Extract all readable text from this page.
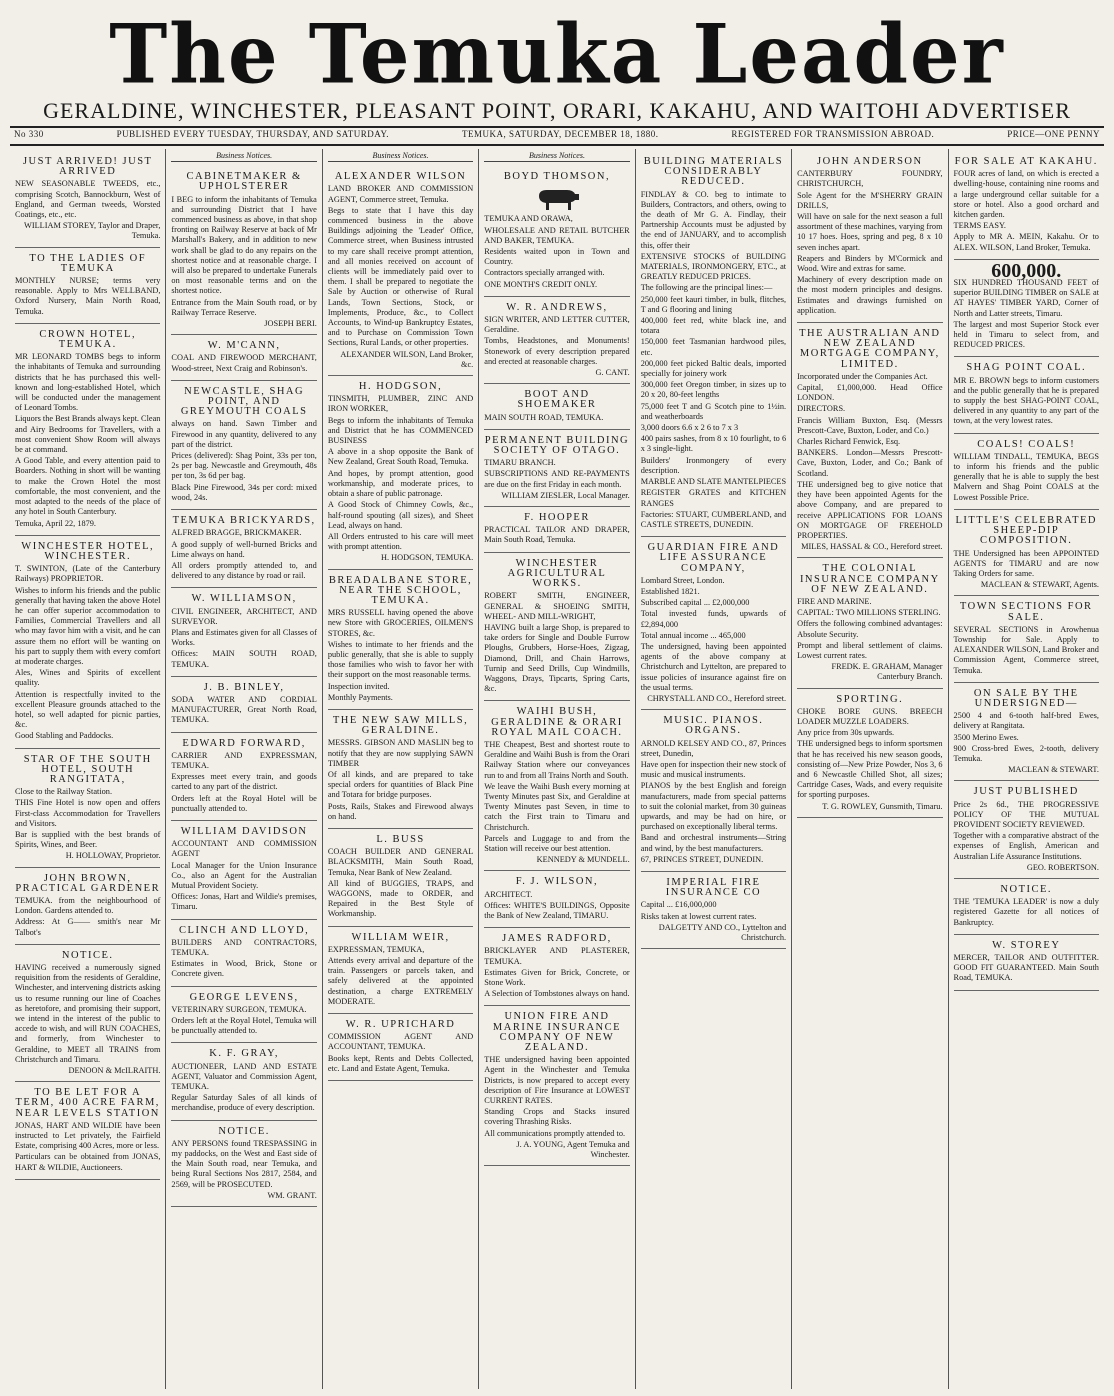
The Temuka Leader
GERALDINE, WINCHESTER, PLEASANT POINT, ORARI, KAKAHU, AND WAITOHI ADVERTISER
No 330	PUBLISHED EVERY TUESDAY, THURSDAY, AND SATURDAY.	TEMUKA, SATURDAY, DECEMBER 18, 1880.	REGISTERED FOR TRANSMISSION ABROAD.	PRICE—ONE PENNY
JUST ARRIVED! JUST ARRIVED

NEW SEASONABLE TWEEDS, etc., comprising Scotch, Bannockburn, West of England, and German tweeds, Worsted Coatings, etc., etc.

WILLIAM STOREY, Taylor and Draper, Temuka.
TO THE LADIES OF TEMUKA

MONTHLY NURSE; terms very reasonable. Apply to Mrs WELLBAND, Oxford Nursery, Main North Road, Temuka.

CROWN HOTEL, TEMUKA.

MR LEONARD TOMBS begs to inform the inhabitants of Temuka and surrounding districts that he has purchased this well-known and long-established Hotel, which will be conducted under the management of Leonard Tombs.

Liquors the Best Brands always kept. Clean and Airy Bedrooms for Travellers, with a most convenient Show Room will always be at command.

A Good Table, and every attention paid to Boarders. Nothing in short will be wanting to make the Crown Hotel the most comfortable, the most convenient, and the most adapted to the needs of the place of any hotel in South Canterbury.

Temuka, April 22, 1879.

WINCHESTER HOTEL, WINCHESTER.

T. SWINTON, (Late of the Canterbury Railways) PROPRIETOR.

Wishes to inform his friends and the public generally that having taken the above Hotel he can offer superior accommodation to Families, Commercial Travellers and all who may favor him with a visit, and he can assure them no effort will be wanting on his part to supply them with every comfort at moderate charges.

Ales, Wines and Spirits of excellent quality.

Attention is respectfully invited to the excellent Pleasure grounds attached to the hotel, so well adapted for picnic parties, &c.

Good Stabling and Paddocks.

STAR OF THE SOUTH HOTEL, SOUTH RANGITATA,

Close to the Railway Station.

THIS Fine Hotel is now open and offers First-class Accommodation for Travellers and Visitors.

Bar is supplied with the best brands of Spirits, Wines, and Beer.

H. HOLLOWAY, Proprietor.
JOHN BROWN, PRACTICAL GARDENER

TEMUKA. from the neighbourhood of London. Gardens attended to.

Address: At G—— smith's near Mr Talbot's

NOTICE.

HAVING received a numerously signed requisition from the residents of Geraldine, Winchester, and intervening districts asking us to resume running our line of Coaches as heretofore, and promising their support, we intend in the interest of the public to accede to wish, and will RUN COACHES, and formerly, from Winchester to Geraldine, to MEET all TRAINS from Christchurch and Timaru.

DENOON & McILRAITH.
TO BE LET FOR A TERM, 400 ACRE FARM, NEAR LEVELS STATION

JONAS, HART AND WILDIE have been instructed to Let privately, the Fairfield Estate, comprising 400 Acres, more or less.

Particulars can be obtained from JONAS, HART & WILDIE, Auctioneers.

Business Notices.
CABINETMAKER & UPHOLSTERER

I BEG to inform the inhabitants of Temuka and surrounding District that I have commenced business as above, in that shop fronting on Railway Reserve at back of Mr Marshall's Bakery, and in addition to new work shall be glad to do any repairs on the shortest notice and at reasonable charge. I will also be prepared to undertake Funerals on most reasonable terms and on the shortest notice.

Entrance from the Main South road, or by Railway Terrace Reserve.

JOSEPH BERI.
W. M'CANN,

COAL AND FIREWOOD MERCHANT, Wood-street, Next Craig and Robinson's.

NEWCASTLE, SHAG POINT, AND GREYMOUTH COALS

always on hand. Sawn Timber and Firewood in any quantity, delivered to any part of the district.

Prices (delivered): Shag Point, 33s per ton, 2s per bag. Newcastle and Greymouth, 48s per ton, 3s 6d per bag.

Black Pine Firewood, 34s per cord: mixed wood, 24s.

TEMUKA BRICKYARDS,

ALFRED BRAGGE, BRICKMAKER.

A good supply of well-burned Bricks and Lime always on hand.

All orders promptly attended to, and delivered to any distance by road or rail.

W. WILLIAMSON,

CIVIL ENGINEER, ARCHITECT, AND SURVEYOR.

Plans and Estimates given for all Classes of Works.

Offices: MAIN SOUTH ROAD, TEMUKA.

J. B. BINLEY,

SODA WATER AND CORDIAL MANUFACTURER, Great North Road, TEMUKA.

EDWARD FORWARD,

CARRIER AND EXPRESSMAN, TEMUKA.

Expresses meet every train, and goods carted to any part of the district.

Orders left at the Royal Hotel will be punctually attended to.

WILLIAM DAVIDSON

ACCOUNTANT AND COMMISSION AGENT

Local Manager for the Union Insurance Co., also an Agent for the Australian Mutual Provident Society.

Offices: Jonas, Hart and Wildie's premises, Timaru.

CLINCH AND LLOYD,

BUILDERS AND CONTRACTORS, TEMUKA.

Estimates in Wood, Brick, Stone or Concrete given.

GEORGE LEVENS,

VETERINARY SURGEON, TEMUKA.

Orders left at the Royal Hotel, Temuka will be punctually attended to.

K. F. GRAY,

AUCTIONEER, LAND AND ESTATE AGENT, Valuator and Commission Agent, TEMUKA.

Regular Saturday Sales of all kinds of merchandise, produce of every description.

NOTICE.

ANY PERSONS found TRESPASSING in my paddocks, on the West and East side of the Main South road, near Temuka, and being Rural Sections Nos 2817, 2584, and 2569, will be PROSECUTED.

WM. GRANT.
Business Notices.
ALEXANDER WILSON

LAND BROKER AND COMMISSION AGENT, Commerce street, Temuka.

Begs to state that I have this day commenced business in the above Buildings adjoining the 'Leader' Office, Commerce street, when Business intrusted to my care shall receive prompt attention, and all monies received on account of clients will be immediately paid over to them. I shall be prepared to negotiate the Sale by Auction or otherwise of Rural Lands, Town Sections, Stock, or Implements, Produce, &c., to Collect Accounts, to Wind-up Bankruptcy Estates, and to Purchase on Commission Town Sections, Rural Lands, or other properties.

ALEXANDER WILSON, Land Broker, &c.
H. HODGSON,

TINSMITH, PLUMBER, ZINC AND IRON WORKER,

Begs to inform the inhabitants of Temuka and District that he has COMMENCED BUSINESS

A above in a shop opposite the Bank of New Zealand, Great South Road, Temuka.

And hopes, by prompt attention, good workmanship, and moderate prices, to obtain a share of public patronage.

A Good Stock of Chimney Cowls, &c., half-round spouting (all sizes), and Sheet Lead, always on hand.

All Orders entrusted to his care will meet with prompt attention.

H. HODGSON, TEMUKA.
BREADALBANE STORE, NEAR THE SCHOOL, TEMUKA.

MRS RUSSELL having opened the above new Store with GROCERIES, OILMEN'S STORES, &c.

Wishes to intimate to her friends and the public generally, that she is able to supply those families who wish to favor her with their support on the most reasonable terms.

Inspection invited.

Monthly Payments.

THE NEW SAW MILLS, GERALDINE.

MESSRS. GIBSON AND MASLIN beg to notify that they are now supplying SAWN TIMBER

Of all kinds, and are prepared to take special orders for quantities of Black Pine and Totara for bridge purposes.

Posts, Rails, Stakes and Firewood always on hand.

L. BUSS

COACH BUILDER AND GENERAL BLACKSMITH, Main South Road, Temuka, Near Bank of New Zealand.

All kind of BUGGIES, TRAPS, and WAGGONS, made to ORDER, and Repaired in the Best Style of Workmanship.

WILLIAM WEIR,

EXPRESSMAN, TEMUKA,

Attends every arrival and departure of the train. Passengers or parcels taken, and safely delivered at the appointed destination, a charge EXTREMELY MODERATE.

W. R. UPRICHARD

COMMISSION AGENT AND ACCOUNTANT, TEMUKA.

Books kept, Rents and Debts Collected, etc. Land and Estate Agent, Temuka.

Business Notices.
BOYD THOMSON,

TEMUKA AND ORAWA,

WHOLESALE AND RETAIL BUTCHER AND BAKER, TEMUKA.

Residents waited upon in Town and Country.

Contractors specially arranged with.

ONE MONTH'S CREDIT ONLY.

W. R. ANDREWS,

SIGN WRITER, AND LETTER CUTTER, Geraldine.

Tombs, Headstones, and Monuments! Stonework of every description prepared and erected at reasonable charges.

G. CANT.
BOOT AND SHOEMAKER

MAIN SOUTH ROAD, TEMUKA.

PERMANENT BUILDING SOCIETY OF OTAGO.

TIMARU BRANCH.

SUBSCRIPTIONS AND RE-PAYMENTS are due on the first Friday in each month.

WILLIAM ZIESLER, Local Manager.
F. HOOPER

PRACTICAL TAILOR AND DRAPER, Main South Road, Temuka.

WINCHESTER AGRICULTURAL WORKS.

ROBERT SMITH, ENGINEER, GENERAL & SHOEING SMITH, WHEEL- AND MILL-WRIGHT,

HAVING built a large Shop, is prepared to take orders for Single and Double Furrow Ploughs, Grubbers, Horse-Hoes, Zigzag, Diamond, Drill, and Chain Harrows, Turnip and Seed Drills, Cup Windmills, Waggons, Drays, Tipcarts, Spring Carts, &c.

WAIHI BUSH, GERALDINE & ORARI ROYAL MAIL COACH.

THE Cheapest, Best and shortest route to Geraldine and Waihi Bush is from the Orari Railway Station where our conveyances run to and from all Trains North and South.

We leave the Waihi Bush every morning at Twenty Minutes past Six, and Geraldine at Twenty Minutes past Seven, in time to catch the First train to Timaru and Christchurch.

Parcels and Luggage to and from the Station will receive our best attention.

KENNEDY & MUNDELL.
F. J. WILSON,

ARCHITECT.

Offices: WHITE'S BUILDINGS, Opposite the Bank of New Zealand, TIMARU.

JAMES RADFORD,

BRICKLAYER AND PLASTERER, TEMUKA.

Estimates Given for Brick, Concrete, or Stone Work.

A Selection of Tombstones always on hand.

UNION FIRE AND MARINE INSURANCE COMPANY OF NEW ZEALAND.

THE undersigned having been appointed Agent in the Winchester and Temuka Districts, is now prepared to accept every description of Fire Insurance at LOWEST CURRENT RATES.

Standing Crops and Stacks insured covering Thrashing Risks.

All communications promptly attended to.

J. A. YOUNG, Agent Temuka and Winchester.
BUILDING MATERIALS CONSIDERABLY REDUCED.

FINDLAY & CO. beg to intimate to Builders, Contractors, and others, owing to the death of Mr G. A. Findlay, their Partnership Accounts must be adjusted by the end of JANUARY, and to accomplish this, offer their

EXTENSIVE STOCKS of BUILDING MATERIALS, IRONMONGERY, ETC., at GREATLY REDUCED PRICES.

The following are the principal lines:—

250,000 feet kauri timber, in bulk, flitches, T and G flooring and lining

400,000 feet red, white black ine, and totara

150,000 feet Tasmanian hardwood piles, etc.

200,000 feet picked Baltic deals, imported specially for joinery work

300,000 feet Oregon timber, in sizes up to 20 x 20, 80-feet lengths

75,000 feet T and G Scotch pine to 1½in. and weatherboards

3,000 doors 6.6 x 2 6 to 7 x 3

400 pairs sashes, from 8 x 10 fourlight, to 6 x 3 single-light.

Builders' Ironmongery of every description.

MARBLE AND SLATE MANTELPIECES

REGISTER GRATES and KITCHEN RANGES

Factories: STUART, CUMBERLAND, and CASTLE STREETS, DUNEDIN.

GUARDIAN FIRE AND LIFE ASSURANCE COMPANY,

Lombard Street, London.

Established 1821.

Subscribed capital ... £2,000,000

Total invested funds, upwards of £2,894,000

Total annual income ... 465,000

The undersigned, having been appointed agents of the above company at Christchurch and Lyttelton, are prepared to issue policies of insurance against fire on the usual terms.

CHRYSTALL AND CO., Hereford street.
MUSIC. PIANOS. ORGANS.

ARNOLD KELSEY AND CO., 87, Princes street, Dunedin,

Have open for inspection their new stock of music and musical instruments.

PIANOS by the best English and foreign manufacturers, made from special patterns to suit the colonial market, from 30 guineas upwards, and may be had on hire, or purchased on exceptionally liberal terms.

Band and orchestral instruments—String and wind, by the best manufacturers.

67, PRINCES STREET, DUNEDIN.

IMPERIAL FIRE INSURANCE CO

Capital ... £16,000,000

Risks taken at lowest current rates.

DALGETTY AND CO., Lyttelton and Christchurch.
JOHN ANDERSON

CANTERBURY FOUNDRY, CHRISTCHURCH,

Sole Agent for the M'SHERRY GRAIN DRILLS,

Will have on sale for the next season a full assortment of these machines, varying from 10 17 hoes. Hoes, spring and peg, 8 x 10 seven inches apart.

Reapers and Binders by M'Cormick and Wood. Wire and extras for same.

Machinery of every description made on the most modern principles and designs. Estimates and drawings furnished on application.

THE AUSTRALIAN AND NEW ZEALAND MORTGAGE COMPANY, LIMITED.

Incorporated under the Companies Act.

Capital, £1,000,000. Head Office LONDON.

DIRECTORS.

Francis William Buxton, Esq. (Messrs Prescott-Cave, Buxton, Loder, and Co.)

Charles Richard Fenwick, Esq.

BANKERS. London—Messrs Prescott-Cave, Buxton, Loder, and Co.; Bank of Scotland.

THE undersigned beg to give notice that they have been appointed Agents for the above Company, and are prepared to receive APPLICATIONS FOR LOANS ON MORTGAGE OF FREEHOLD PROPERTIES.

MILES, HASSAL & CO., Hereford street.
THE COLONIAL INSURANCE COMPANY OF NEW ZEALAND.

FIRE AND MARINE.

CAPITAL: TWO MILLIONS STERLING.

Offers the following combined advantages: Absolute Security.

Prompt and liberal settlement of claims. Lowest current rates.

FREDK. E. GRAHAM, Manager Canterbury Branch.
SPORTING.

CHOKE BORE GUNS. BREECH LOADER MUZZLE LOADERS.

Any price from 30s upwards.

THE undersigned begs to inform sportsmen that he has received his new season goods, consisting of—New Prize Powder, Nos 3, 6 and 6 Newcastle Chilled Shot, all sizes; Cartridge Cases, Wads, and every requisite for sporting purposes.

T. G. ROWLEY, Gunsmith, Timaru.
FOR SALE AT KAKAHU.

FOUR acres of land, on which is erected a dwelling-house, containing nine rooms and a large underground cellar suitable for a store or hotel. Also a good orchard and kitchen garden.

TERMS EASY.

Apply to MR A. MEIN, Kakahu. Or to ALEX. WILSON, Land Broker, Temuka.

600,000.

SIX HUNDRED THOUSAND FEET of superior BUILDING TIMBER on SALE at AT HAYES' TIMBER YARD, Corner of North and Latter streets, Timaru.

The largest and most Superior Stock ever held in Timaru to select from, and REDUCED PRICES.

SHAG POINT COAL.

MR E. BROWN begs to inform customers and the public generally that he is prepared to supply the best SHAG-POINT COAL, delivered in any quantity to any part of the town, at the very lowest rates.

COALS! COALS!

WILLIAM TINDALL, TEMUKA, BEGS to inform his friends and the public generally that he is able to supply the best Malvern and Shag Point COALS at the Lowest Possible Price.

LITTLE'S CELEBRATED SHEEP-DIP COMPOSITION.

THE Undersigned has been APPOINTED AGENTS for TIMARU and are now Taking Orders for same.

MACLEAN & STEWART, Agents.
TOWN SECTIONS FOR SALE.

SEVERAL SECTIONS in Arowhenua Township for Sale. Apply to ALEXANDER WILSON, Land Broker and Commission Agent, Commerce street, Temuka.

ON SALE BY THE UNDERSIGNED—

2500 4 and 6-tooth half-bred Ewes, delivery at Rangitata.

3500 Merino Ewes.

900 Cross-bred Ewes, 2-tooth, delivery Temuka.

MACLEAN & STEWART.
JUST PUBLISHED

Price 2s 6d., THE PROGRESSIVE POLICY OF THE MUTUAL PROVIDENT SOCIETY REVIEWED.

Together with a comparative abstract of the expenses of English, American and Australian Life Assurance Institutions.

GEO. ROBERTSON.
NOTICE.

THE 'TEMUKA LEADER' is now a duly registered Gazette for all notices of Bankruptcy.

W. STOREY

MERCER, TAILOR AND OUTFITTER. GOOD FIT GUARANTEED. Main South Road, TEMUKA.
